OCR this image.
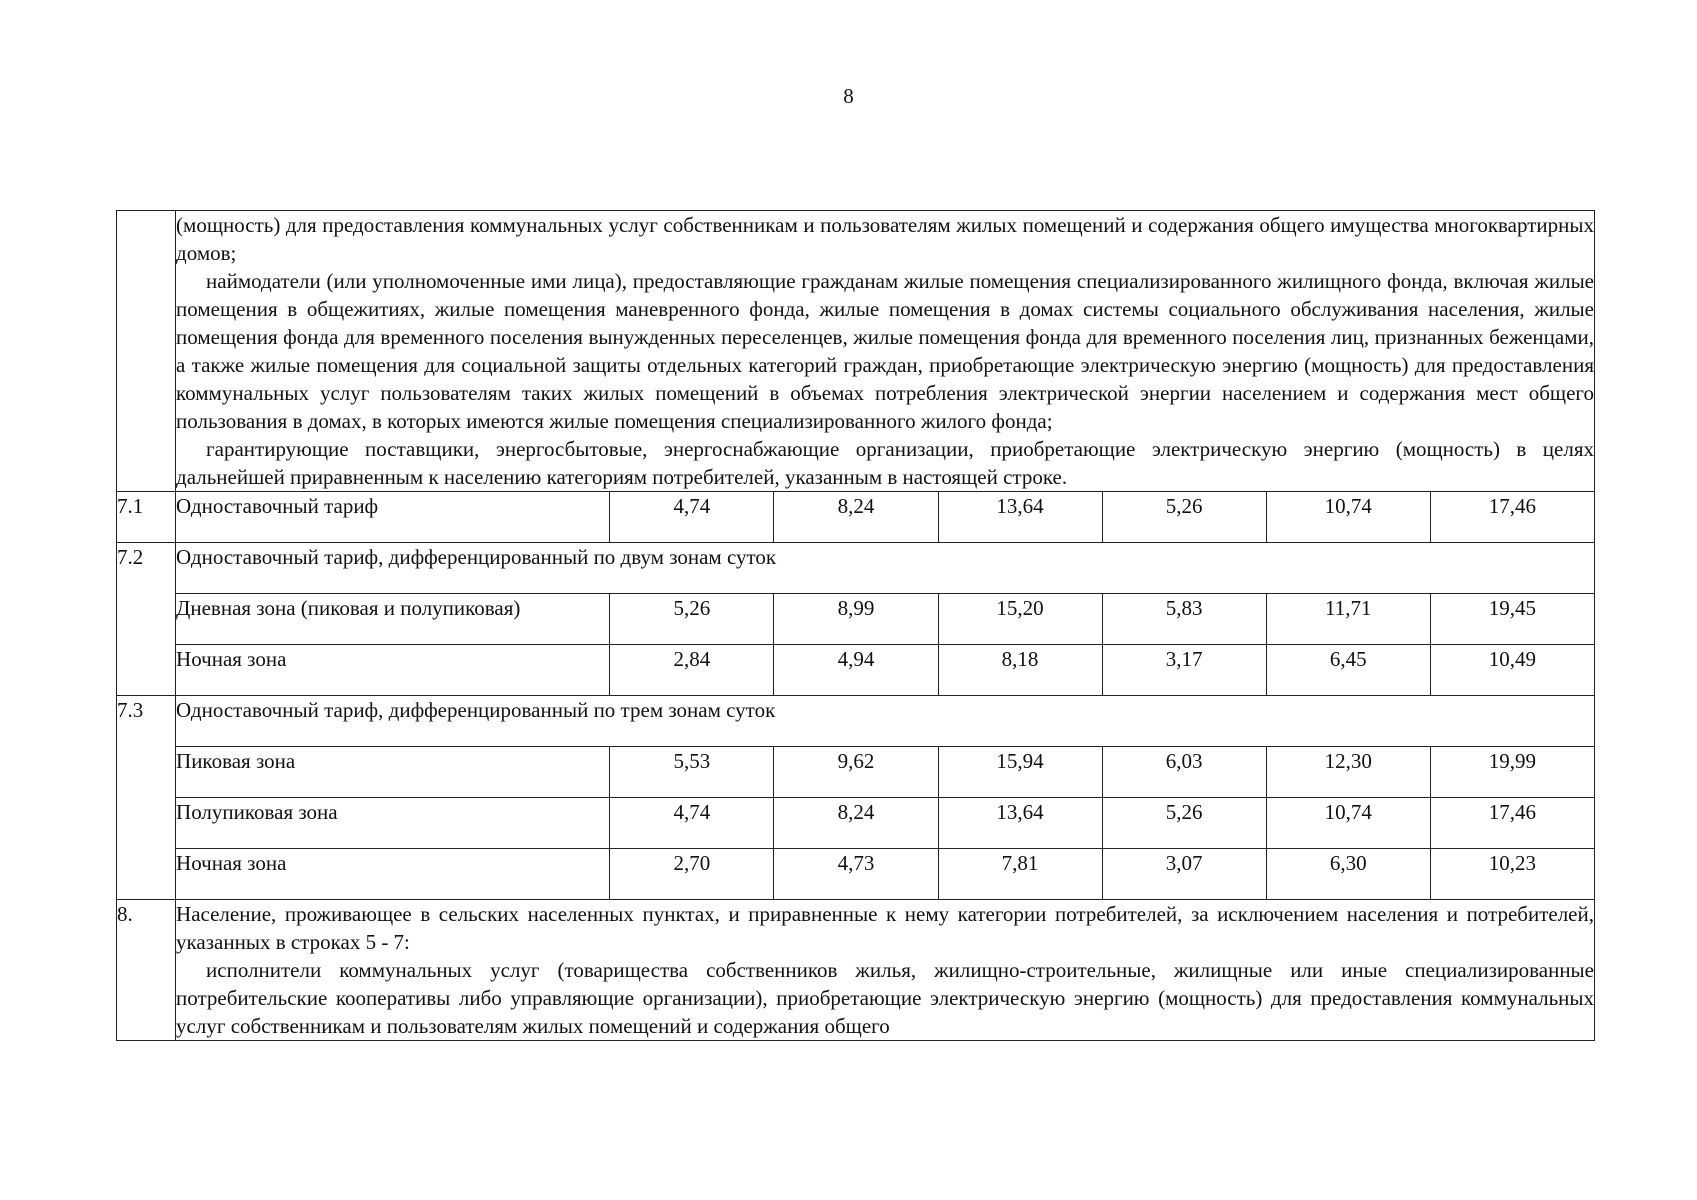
8

	(мощность) для предоставления коммунальных услуг собственникам и пользователям жилых помещений и содержания общего имущества многоквартирных домов;

наймодатели (или уполномоченные ими лица), предоставляющие гражданам жилые помещения специализированного жилищного фонда, включая жилые помещения в общежитиях, жилые помещения маневренного фонда, жилые помещения в домах системы социального обслуживания населения, жилые помещения фонда для временного поселения вынужденных переселенцев, жилые помещения фонда для временного поселения лиц, признанных беженцами, а также жилые помещения для социальной защиты отдельных категорий граждан, приобретающие электрическую энергию (мощность) для предоставления коммунальных услуг пользователям таких жилых помещений в объемах потребления электрической энергии населением и содержания мест общего пользования в домах, в которых имеются жилые помещения специализированного жилого фонда;

гарантирующие поставщики, энергосбытовые, энергоснабжающие организации, приобретающие электрическую энергию (мощность) в целях дальнейшей приравненным к населению категориям потребителей, указанным в настоящей строке.						

7.1	Одноставочный тариф	4,74	8,24	13,64	5,26	10,74	17,46
7.2	Одноставочный тариф, дифференцированный по двум зонам суток						
	Дневная зона (пиковая и полупиковая)	5,26	8,99	15,20	5,83	11,71	19,45
	Ночная зона	2,84	4,94	8,18	3,17	6,45	10,49
7.3	Одноставочный тариф, дифференцированный по трем зонам суток						
	Пиковая зона	5,53	9,62	15,94	6,03	12,30	19,99
	Полупиковая зона	4,74	8,24	13,64	5,26	10,74	17,46
	Ночная зона	2,70	4,73	7,81	3,07	6,30	10,23
8.	Население, проживающее в сельских населенных пунктах, и приравненные к нему категории потребителей, за исключением населения и потребителей, указанных в строках 5 - 7:

исполнители коммунальных услуг (товарищества собственников жилья, жилищно-строительные, жилищные или иные специализированные потребительские кооперативы либо управляющие организации), приобретающие электрическую энергию (мощность) для предоставления коммунальных услуг собственникам и пользователям жилых помещений и содержания общего						
